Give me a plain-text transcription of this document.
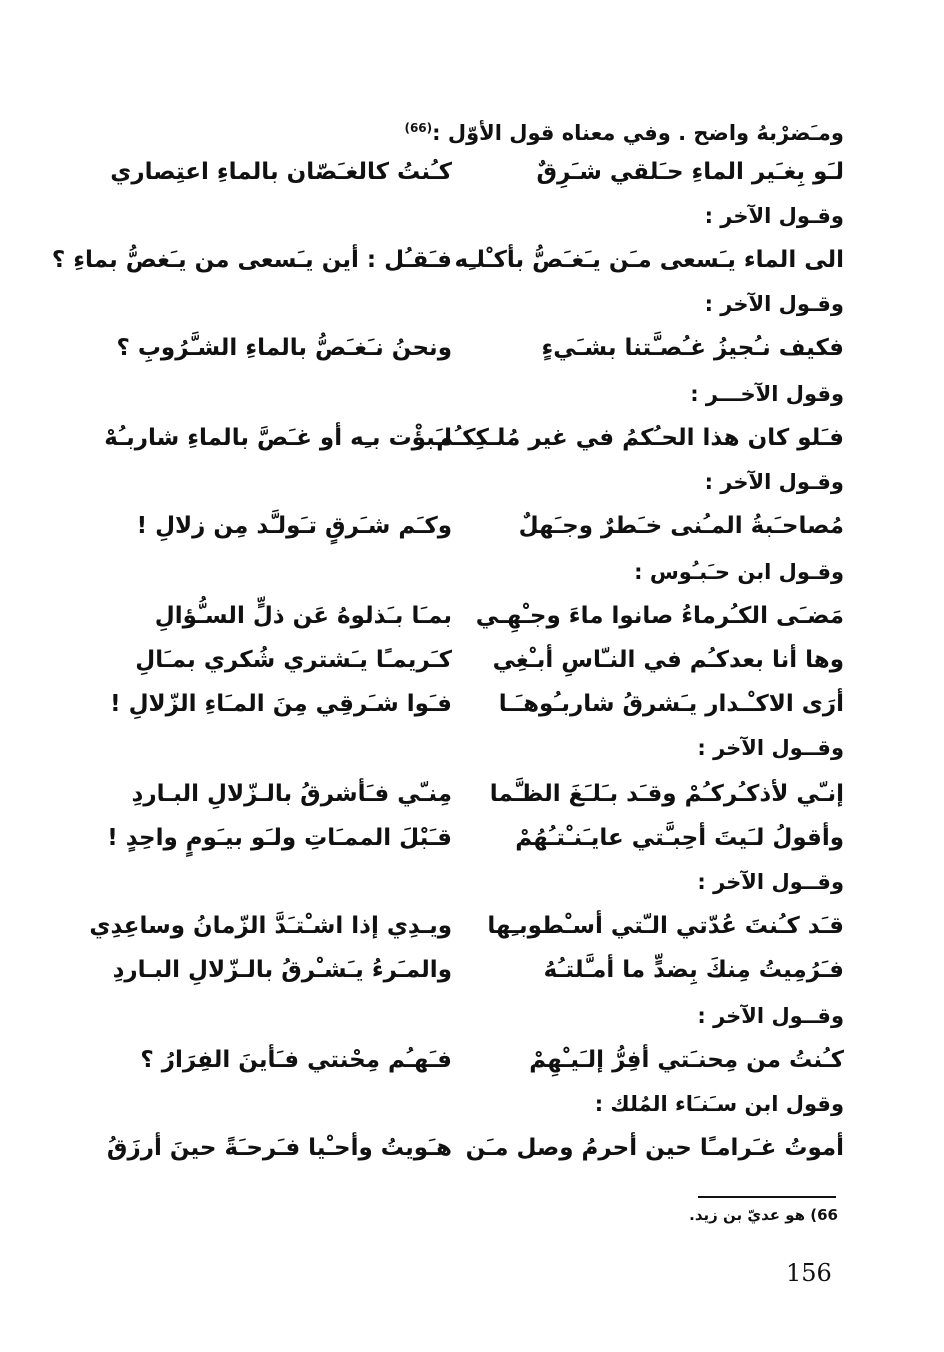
ومـَضرْبهُ واضح . وفي معناه قول الأوّل :$^{(66)}$
لـَو بِغـَير الماءِ حـَلقي شـَرِقٌ
كـُنتُ كالغـَصّان بالماءِ اعتِصاري
وقـول الآخر :
الى الماء يـَسعى مـَن يـَغـَصُّ بأكـْلـِه
فـَقـُل : أين يـَسعى من يـَغصُّ بماءِ ؟
وقـول الآخر :
فكيف نـُجيزُ غـُصـَّتنا بشـَيءٍ
ونحنُ نـَغـَصُّ بالماءِ الشـَّرُوبِ ؟
وقول الآخـــر :
فـَلو كان هذا الحـُكمُ في غير مُلـكِكـُم
لـَبؤْت بـِه أو غـَصَّ بالماءِ شاربـُهْ
وقـول الآخر :
مُصاحـَبةُ المـُنى خـَطرٌ وجـَهلٌ
وكـَم شـَرقٍ تـَولـَّد مِن زلالِ !
وقـول ابن حـَبـُوس :
مَضـَى الكـُرماءُ صانوا ماءَ وجـْهِـي
بمـَا بـَذلوهُ عَن ذلٍّ السـُّؤالِ
وها أنا بعدكـُم في النـّاسِ أبـْغِي
كـَريمـًا يـَشتري شُكري بمـَالِ
أرَى الاكـْـدار يـَشرقُ شاربـُوهـَـا
فـَوا شـَرقِي مِنَ المـَاءِ الزّلالِ !
وقــول الآخر :
إنـّي لأذكـُركـُمْ وقـَد بـَلـَغَ الظـَّما
مِنـّي فـَأشرقُ بالـزّلالِ البـاردِ
وأقولُ لـَيتَ أحِبـَّتي عايـَنـْتـُهُمْ
قـَبْلَ الممـَاتِ ولـَو بيـَومٍ واحِدٍ !
وقــول الآخر :
قـَد كـُنتَ عُدّتي الـّتي أسـْطوبـِها
ويـدِي إذا اشـْتـَدَّ الزّمانُ وساعِدِي
فـَرُمِيتُ مِنكَ بِضدٍّ ما أمـَّلتـُهُ
والمـَرءُ يـَشـْرقُ بالـزّلالِ البـاردِ
وقــول الآخر :
كـُنتُ من مِحنـَتي أفِرُّ إلـَيـْهِمْ
فـَهـُم مِحْنتي فـَأينَ الفِرَارُ ؟
وقول ابن سـَنـَاء المُلك :
أموتُ غـَرامـًا حين أحرمُ وصل مـَن
هـَويتُ وأحـْيا فـَرحـَةً حينَ أرزَقُ
66) هو عديّ بن زيد.
156
